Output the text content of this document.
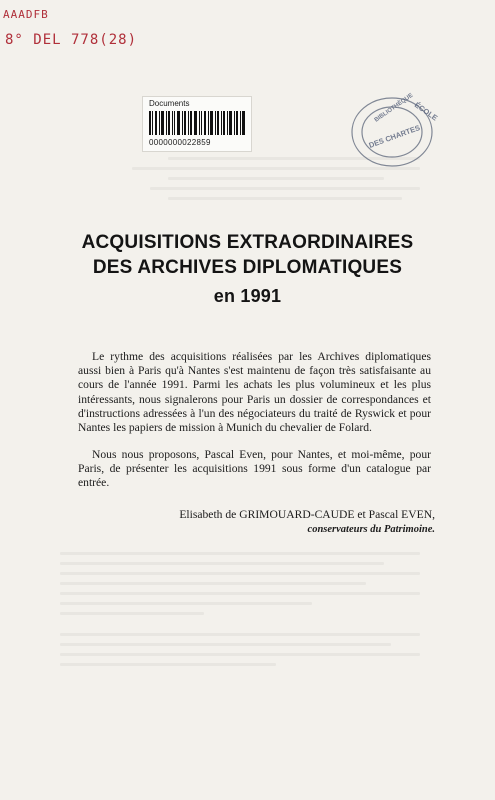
AAADFB
8° DEL 778(28)
Documents
0000000022859
ÉCOLE
DES CHARTES
BIBLIOTHÈQUE
ACQUISITIONS EXTRAORDINAIRES
DES ARCHIVES DIPLOMATIQUES
en 1991

Le rythme des acquisitions réalisées par les Archives diplomatiques aussi bien à Paris qu'à Nantes s'est maintenu de façon très satisfaisante au cours de l'année 1991. Parmi les achats les plus volumineux et les plus intéressants, nous signalerons pour Paris un dossier de correspondances et d'instructions adressées à l'un des négociateurs du traité de Ryswick et pour Nantes les papiers de mission à Munich du chevalier de Folard.

Nous nous proposons, Pascal Even, pour Nantes, et moi-même, pour Paris, de présenter les acquisitions 1991 sous forme d'un catalogue par entrée.

Elisabeth de GRIMOUARD-CAUDE et Pascal EVEN,
conservateurs du Patrimoine.
